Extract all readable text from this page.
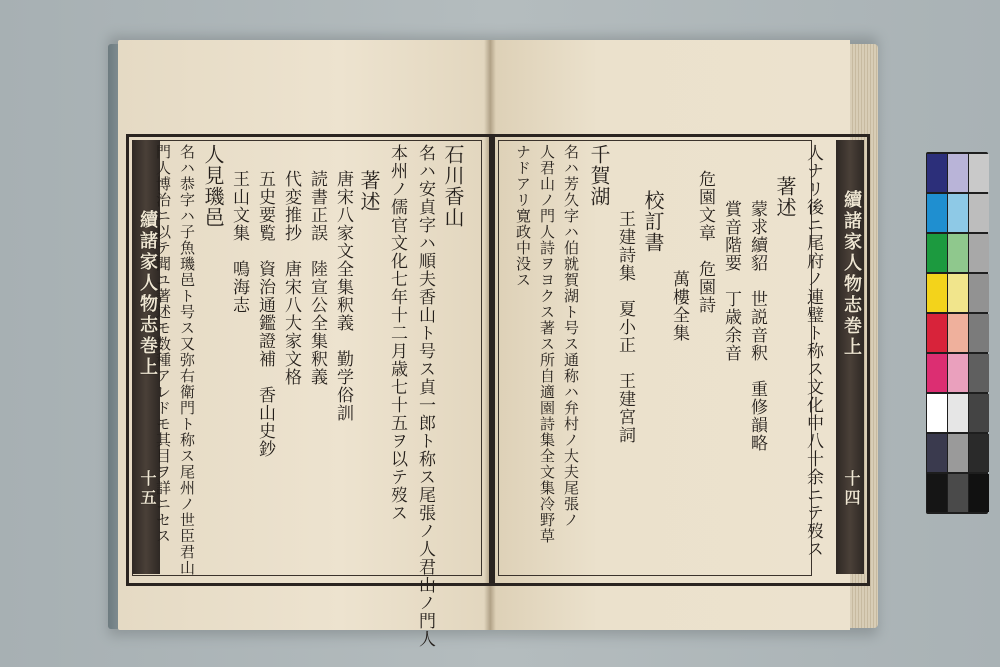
續諸家人物志巻上	續諸家人物志巻上
十五	十四
石川香山
名ハ安貞字ハ順夫香山ト号ス貞一郎ト称ス尾張ノ人君山ノ門人
本州ノ儒官文化七年十二月歳七十五ヲ以テ歿ス
著述
唐宋八家文全集釈義　勤学俗訓
読書正誤　陸宣公全集釈義
代変推抄　唐宋八大家文格
五史要覧　資治通鑑證補　香山史鈔
王山文集　鳴海志
人見璣邑
名ハ恭字ハ子魚璣邑ト号ス又弥右衛門ト称ス尾州ノ世臣君山
門人博治ニ以テ聞ユ著述モ数種アレドモ其目ヲ詳ニセス	人ナリ後ニ尾府ノ連璧ト称ス文化中八十余ニテ歿ス
著述
蒙求續貂　世説音釈　重修韻略
賞音階要　丁歳余音
危園文章　危園詩
萬樓全集
校訂書
王建詩集　夏小正　王建宮詞
千賀湖
名ハ芳久字ハ伯就賀湖ト号ス通称ハ弁村ノ大夫尾張ノ
人君山ノ門人詩ヲヨクス著ス所自適園詩集全文集冷野草
ナドアリ寛政中没ス
